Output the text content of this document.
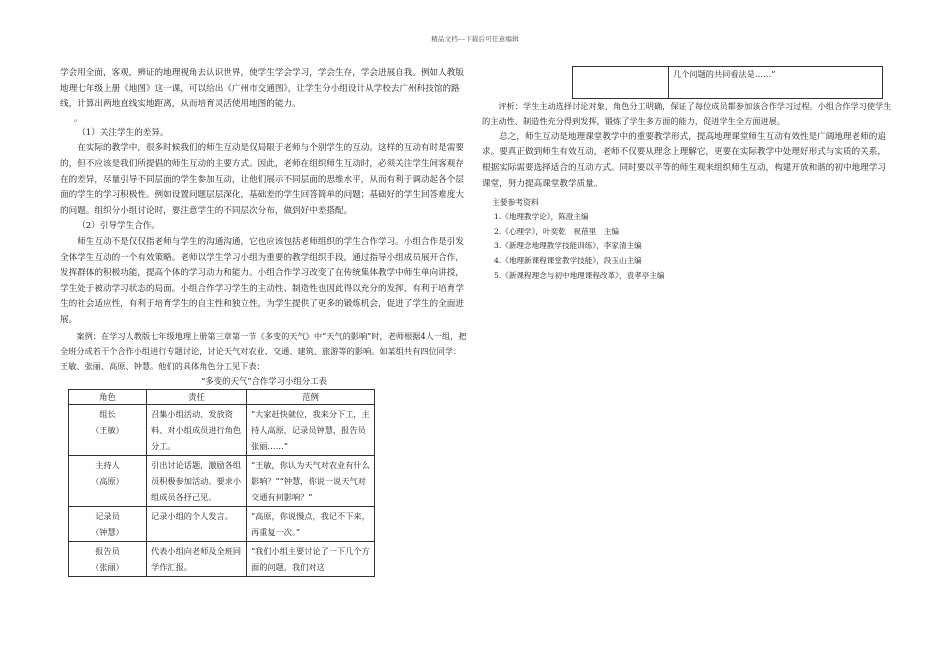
精品文档---下载后可任意编辑

学会用全面，客观，辨证的地理视角去认识世界，使学生学会学习，学会生存，学会进展自我。例如人教版地理七年级上册《地图》这一课，可以给出《广州市交通图》，让学生分小组设计从学校去广州科技馆的路线，计算出两地直线实地距离，从而培育灵活使用地图的能力。

。

（1）关注学生的差异。

在实际的教学中，很多时候我们的师生互动是仅局限于老师与个别学生的互动。这样的互动有时是需要的，但不应该是我们所提倡的师生互动的主要方式。因此，老师在组织师生互动时，必须关注学生间客观存在的差异，尽量引导不同层面的学生参加互动，让他们展示不同层面的思维水平，从而有利于调动起各个层面的学生的学习积极性。例如设置问题层层深化，基础差的学生回答简单的问题；基础好的学生回答难度大的问题。组织分小组讨论时，要注意学生的不同层次分布，做到好中差搭配。

（2）引导学生合作。

师生互动不是仅仅指老师与学生的沟通沟通，它也应该包括老师组织的学生合作学习。小组合作是引发全体学生互动的一个有效策略。老师以学生学习小组为重要的教学组织手段，通过指导小组成员展开合作，发挥群体的积极功能，提高个体的学习动力和能力。小组合作学习改变了在传统集体教学中师生单向讲授，学生处于被动学习状态的局面。小组合作学习学生的主动性、制造性也因此得以充分的发挥，有利于培育学生的社会适应性，有利于培育学生的自主性和独立性，为学生提供了更多的锻炼机会，促进了学生的全面进展。

案例：在学习人教版七年级地理上册第三章第一节《多变的天气》中“天气的影响”时，老师根据4人一组，把全班分成若干个合作小组进行专题讨论，讨论天气对农业、交通、建筑、旅游等的影响。如某组共有四位同学：王敏、张丽、高原、钟慧。他们的具体角色分工见下表：

“多变的天气”合作学习小组分工表

角色	责任	范例

组长
（王敏）	召集小组活动、发放资料、对小组成员进行角色分工。	“大家赶快就位，我来分下工，主持人高原，记录员钟慧，报告员张丽……”

主持人
（高原）	引出讨论话题，激励各组员积极参加活动。要求小组成员各抒己见。	“王敏，你认为天气对农业有什么影响？”“钟慧，你说一说天气对交通有何影响？”

记录员
（钟慧）	记录小组的个人发言。	“高原，你说慢点，我记不下来，再重复一次。”

报告员
（张丽）	代表小组向老师及全班同学作汇报。	“我们小组主要讨论了一下几个方面的问题，我们对这
	几个问题的共同看法是……”

评析：学生主动选择讨论对象，角色分工明确，保证了每位成员都参加该合作学习过程。小组合作学习使学生的主动性、制造性充分得到发挥，锻炼了学生多方面的能力，促进学生全方面进展。

总之，师生互动是地理课堂教学中的重要教学形式，提高地理课堂师生互动有效性是广阔地理老师的追求。要真正做到师生有效互动，老师不仅要从理念上理解它，更要在实际教学中处理好形式与实质的关系，根据实际需要选择适合的互动方式。同时要以平等的师生观来组织师生互动，构建开放和谐的初中地理学习课堂，努力提高课堂教学质量。

主要参考资料

1.《地理教学论》，陈澄主编

2.《心理学》，叶奕乾　祝蓓里　主编

3.《新理念地理教学技能训练》，李家清主编

4.《地理新课程课堂教学技能》，段玉山主编

5.《新课程理念与初中地理课程改革》，袁孝亭主编
